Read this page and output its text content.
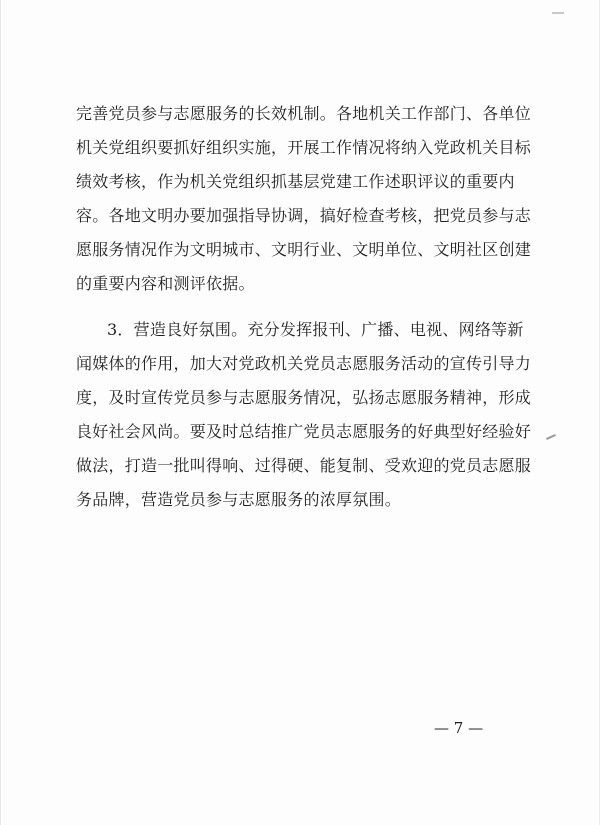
完善党员参与志愿服务的长效机制。各地机关工作部门、各单位
机关党组织要抓好组织实施，开展工作情况将纳入党政机关目标
绩效考核，作为机关党组织抓基层党建工作述职评议的重要内
容。各地文明办要加强指导协调，搞好检查考核，把党员参与志
愿服务情况作为文明城市、文明行业、文明单位、文明社区创建
的重要内容和测评依据。
3．营造良好氛围。充分发挥报刊、广播、电视、网络等新
闻媒体的作用，加大对党政机关党员志愿服务活动的宣传引导力
度，及时宣传党员参与志愿服务情况，弘扬志愿服务精神，形成
良好社会风尚。要及时总结推广党员志愿服务的好典型好经验好
做法，打造一批叫得响、过得硬、能复制、受欢迎的党员志愿服
务品牌，营造党员参与志愿服务的浓厚氛围。
— 7 —
